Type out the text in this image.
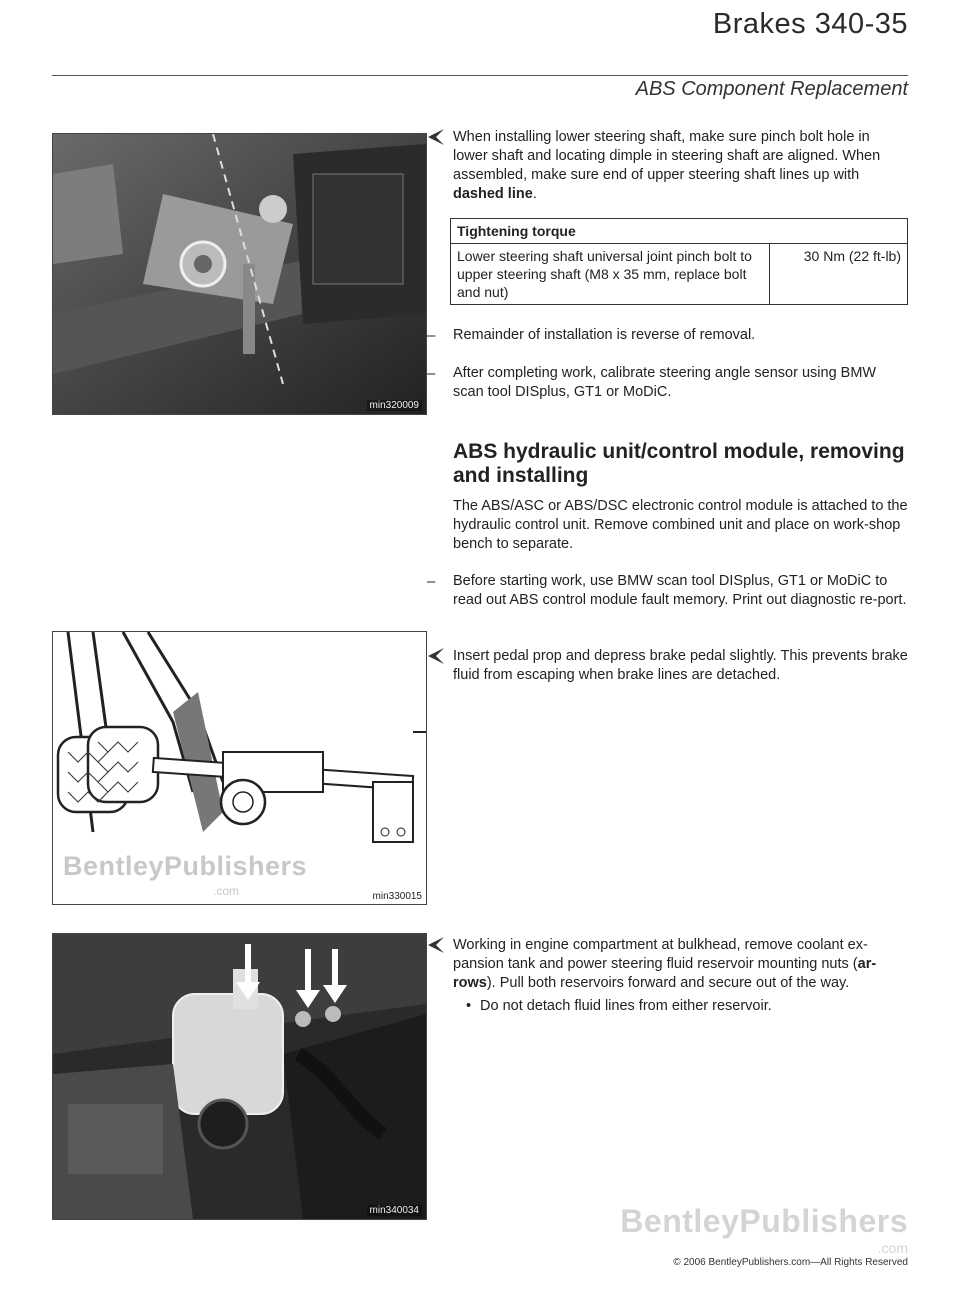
Brakes 340-35
ABS Component Replacement
min320009
BentleyPublishers
.com	min330015
min340034
When installing lower steering shaft, make sure pinch bolt hole in lower shaft and locating dimple in steering shaft are aligned. When assembled, make sure end of upper steering shaft lines up with dashed line.
Tightening torque
Lower steering shaft universal joint pinch bolt to upper steering shaft (M8 x 35 mm, replace bolt and nut)	30 Nm (22 ft-lb)
– Remainder of installation is reverse of removal.
– After completing work, calibrate steering angle sensor using BMW scan tool DISplus, GT1 or MoDiC.
ABS hydraulic unit/control module, removing and installing
The ABS/ASC or ABS/DSC electronic control module is attached to the hydraulic control unit. Remove combined unit and place on work-shop bench to separate.
– Before starting work, use BMW scan tool DISplus, GT1 or MoDiC to read out ABS control module fault memory. Print out diagnostic re-port.
Insert pedal prop and depress brake pedal slightly. This prevents brake fluid from escaping when brake lines are detached.
Working in engine compartment at bulkhead, remove coolant ex-pansion tank and power steering fluid reservoir mounting nuts (ar-rows). Pull both reservoirs forward and secure out of the way.
• Do not detach fluid lines from either reservoir.
BentleyPublishers
.com
© 2006 BentleyPublishers.com—All Rights Reserved
